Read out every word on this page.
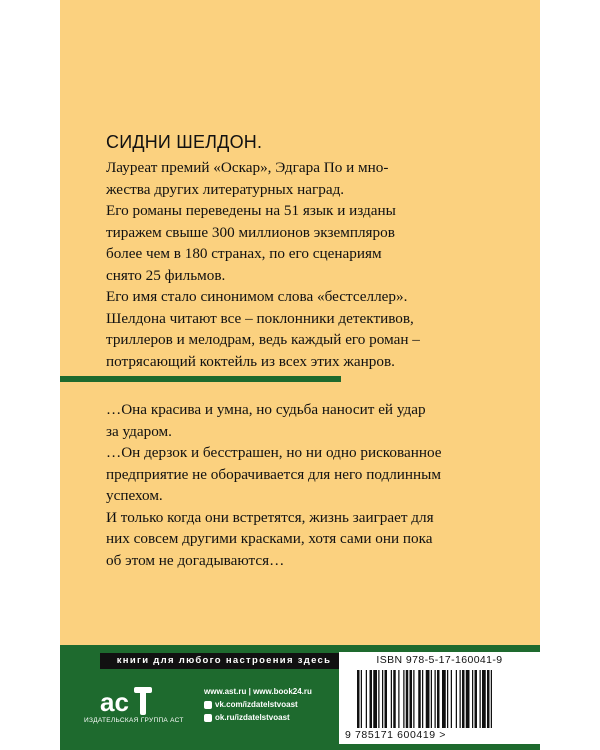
СИДНИ ШЕЛДОН.
Лауреат премий «Оскар», Эдгара По и мно-
жества других литературных наград.
Его романы переведены на 51 язык и изданы
тиражем свыше 300 миллионов экземпляров
более чем в 180 странах, по его сценариям
снято 25 фильмов.
Его имя стало синонимом слова «бестселлер».
Шелдона читают все – поклонники детективов,
триллеров и мелодрам, ведь каждый его роман –
потрясающий коктейль из всех этих жанров.
…Она красива и умна, но судьба наносит ей удар
за ударом.
…Он дерзок и бесстрашен, но ни одно рискованное
предприятие не оборачивается для него подлинным
успехом.
И только когда они встретятся, жизнь заиграет для
них совсем другими красками, хотя сами они пока
об этом не догадываются…
книги для любого настроения здесь
ac
ИЗДАТЕЛЬСКАЯ ГРУППА АСТ
www.ast.ru | www.book24.ru
vk.com/izdatelstvoast
ok.ru/izdatelstvoast
ISBN 978-5-17-160041-9
9 785171 600419 >
